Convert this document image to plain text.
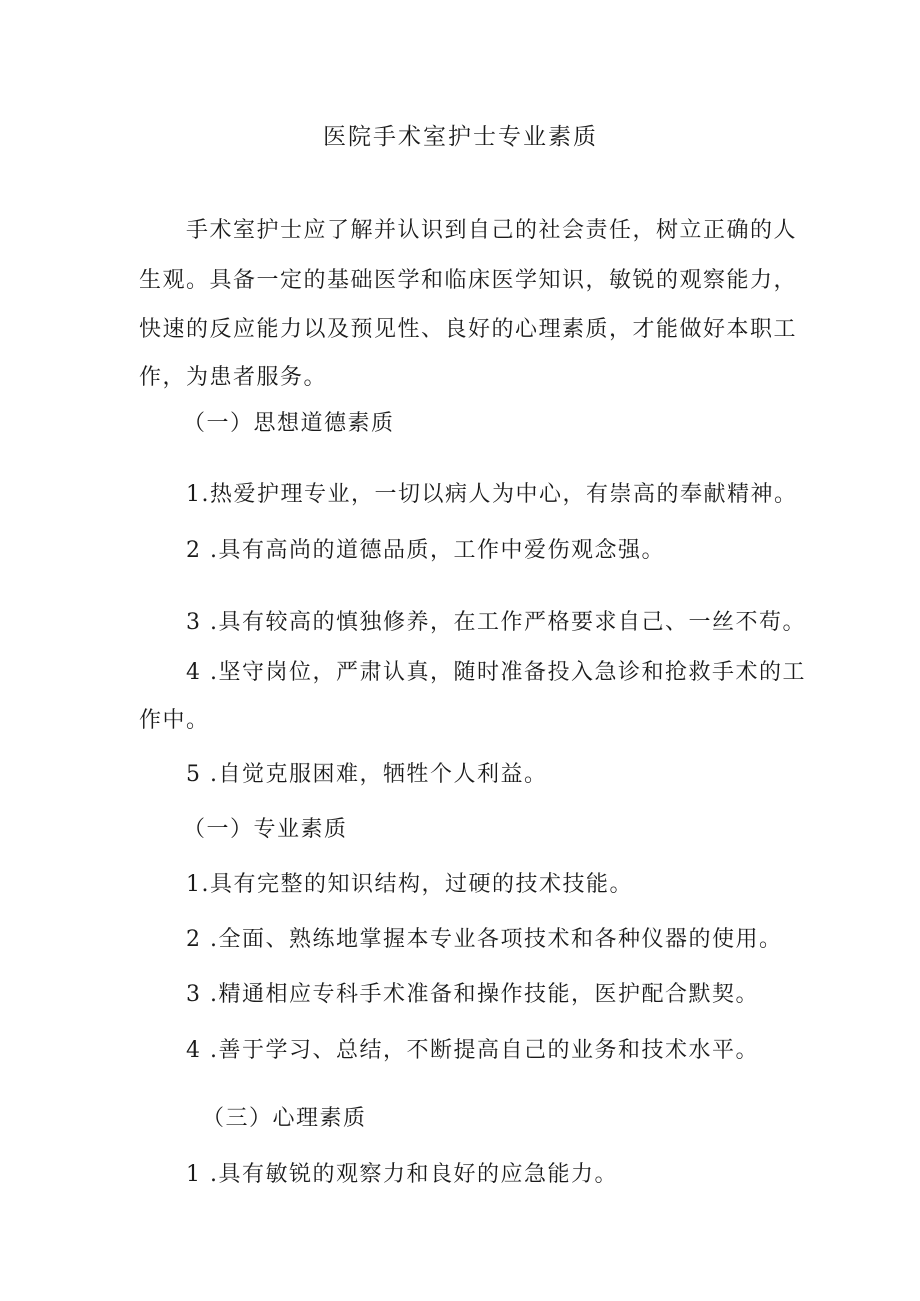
医院手术室护士专业素质
手术室护士应了解并认识到自己的社会责任，树立正确的人
生观。具备一定的基础医学和临床医学知识，敏锐的观察能力，
快速的反应能力以及预见性、良好的心理素质，才能做好本职工
作，为患者服务。
（一）思想道德素质
1.热爱护理专业，一切以病人为中心，有崇高的奉献精神。
2 .具有高尚的道德品质，工作中爱伤观念强。
3 .具有较高的慎独修养，在工作严格要求自己、一丝不苟。
4 .坚守岗位，严肃认真，随时准备投入急诊和抢救手术的工
作中。
5 .自觉克服困难，牺牲个人利益。
（一）专业素质
1.具有完整的知识结构，过硬的技术技能。
2 .全面、熟练地掌握本专业各项技术和各种仪器的使用。
3 .精通相应专科手术准备和操作技能，医护配合默契。
4 .善于学习、总结，不断提高自己的业务和技术水平。
（三）心理素质
1 .具有敏锐的观察力和良好的应急能力。
